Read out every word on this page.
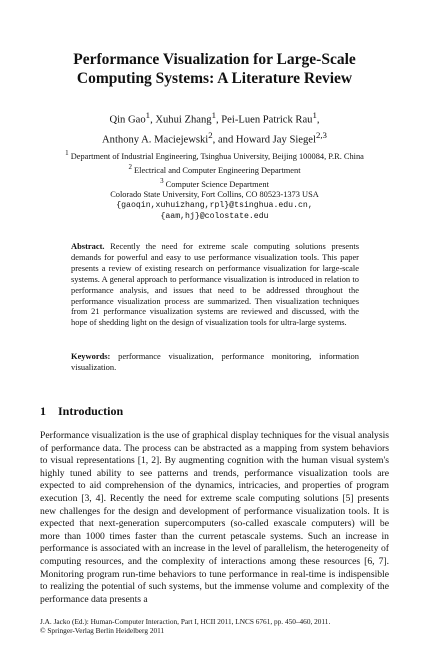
Performance Visualization for Large-Scale
Computing Systems: A Literature Review
Qin Gao$^1$, Xuhui Zhang$^1$, Pei-Luen Patrick Rau$^1$,
Anthony A. Maciejewski$^2$, and Howard Jay Siegel$^{2,3}$
$^1$ Department of Industrial Engineering, Tsinghua University, Beijing 100084, P.R. China
$^2$ Electrical and Computer Engineering Department
$^3$ Computer Science Department
Colorado State University, Fort Collins, CO 80523-1373 USA
{gaoqin,xuhuizhang,rpl}@tsinghua.edu.cn,
{aam,hj}@colostate.edu
Abstract. Recently the need for extreme scale computing solutions presents demands for powerful and easy to use performance visualization tools. This paper presents a review of existing research on performance visualization for large-scale systems. A general approach to performance visualization is introduced in relation to performance analysis, and issues that need to be addressed throughout the performance visualization process are summarized. Then visualization techniques from 21 performance visualization systems are reviewed and discussed, with the hope of shedding light on the design of visualization tools for ultra-large systems.
Keywords: performance visualization, performance monitoring, information visualization.
1 Introduction
Performance visualization is the use of graphical display techniques for the visual analysis of performance data. The process can be abstracted as a mapping from system behaviors to visual representations [1, 2]. By augmenting cognition with the human visual system's highly tuned ability to see patterns and trends, performance visualization tools are expected to aid comprehension of the dynamics, intricacies, and properties of program execution [3, 4]. Recently the need for extreme scale computing solutions [5] presents new challenges for the design and development of performance visualization tools. It is expected that next-generation supercomputers (so-called exascale computers) will be more than 1000 times faster than the current petascale systems. Such an increase in performance is associated with an increase in the level of parallelism, the heterogeneity of computing resources, and the complexity of interactions among these resources [6, 7]. Monitoring program run-time behaviors to tune performance in real-time is indispensible to realizing the potential of such systems, but the immense volume and complexity of the performance data presents a
J.A. Jacko (Ed.): Human-Computer Interaction, Part I, HCII 2011, LNCS 6761, pp. 450–460, 2011.
© Springer-Verlag Berlin Heidelberg 2011
